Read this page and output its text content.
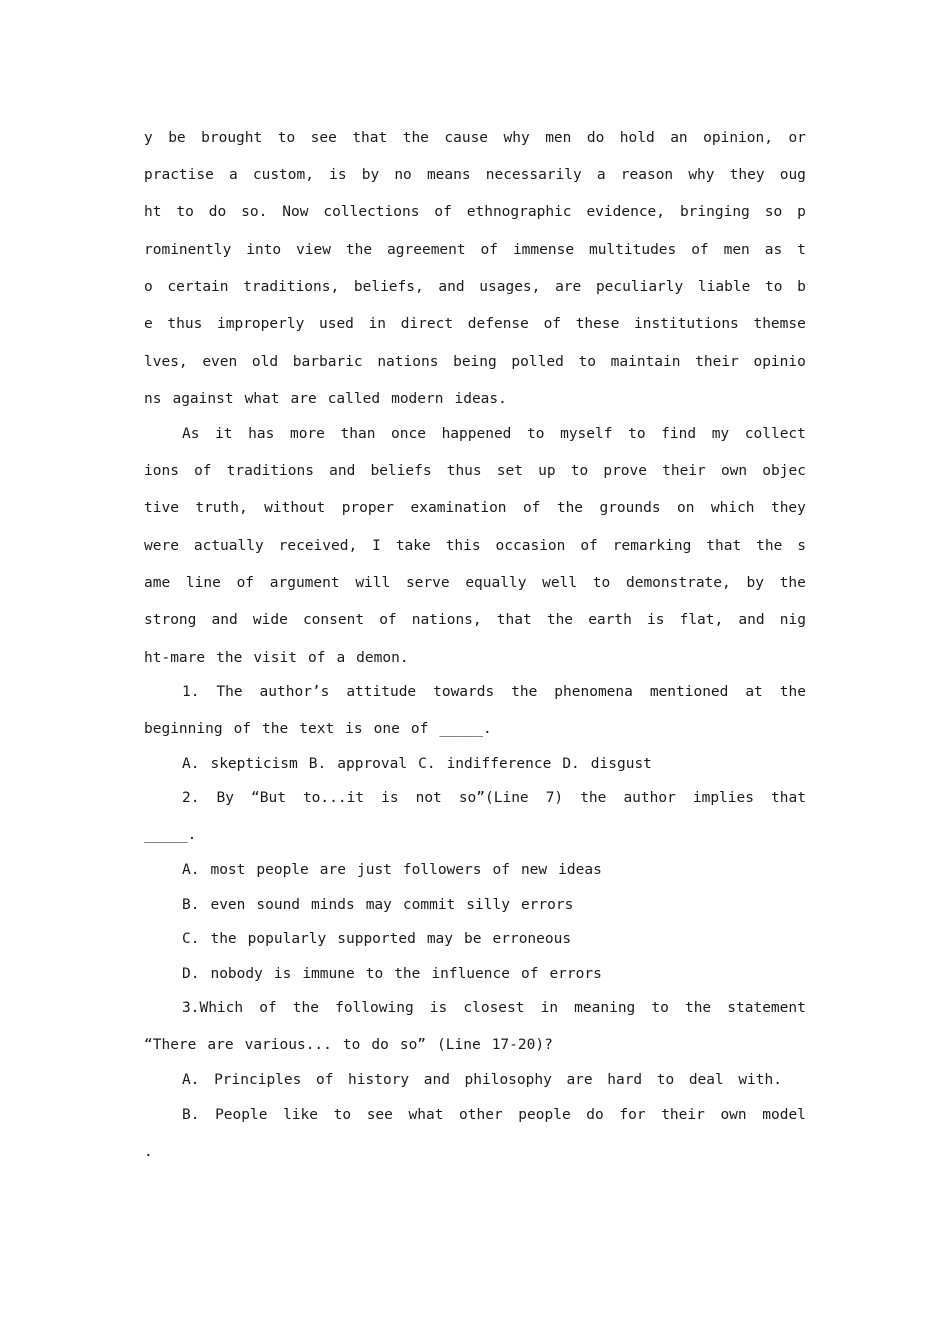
y be brought to see that the cause why men do hold an opinion, or
practise a custom, is by no means necessarily a reason why they oug
ht to do so. Now collections of ethnographic evidence, bringing so p
rominently into view the agreement of immense multitudes of men as t
o certain traditions, beliefs, and usages, are peculiarly liable to b
e thus improperly used in direct defense of these institutions themse
lves, even old barbaric nations being polled to maintain their opinio
ns against what are called modern ideas.
As it has more than once happened to myself to find my collect
ions of traditions and beliefs thus set up to prove their own objec
tive truth, without proper examination of the grounds on which they
were actually received, I take this occasion of remarking that the s
ame line of argument will serve equally well to demonstrate, by the
strong and wide consent of nations, that the earth is flat, and nig
ht-mare the visit of a demon.
1. The author’s attitude towards the phenomena mentioned at the
beginning of the text is one of _____.
A. skepticism B. approval C. indifference D. disgust
2. By “But to...it is not so”(Line 7) the author implies that
_____.
A. most people are just followers of new ideas
B. even sound minds may commit silly errors
C. the popularly supported may be erroneous
D. nobody is immune to the influence of errors
3.Which of the following is closest in meaning to the statement
“There are various... to do so” (Line 17-20)?
A. Principles of history and philosophy are hard to deal with.
B. People like to see what other people do for their own model
.
